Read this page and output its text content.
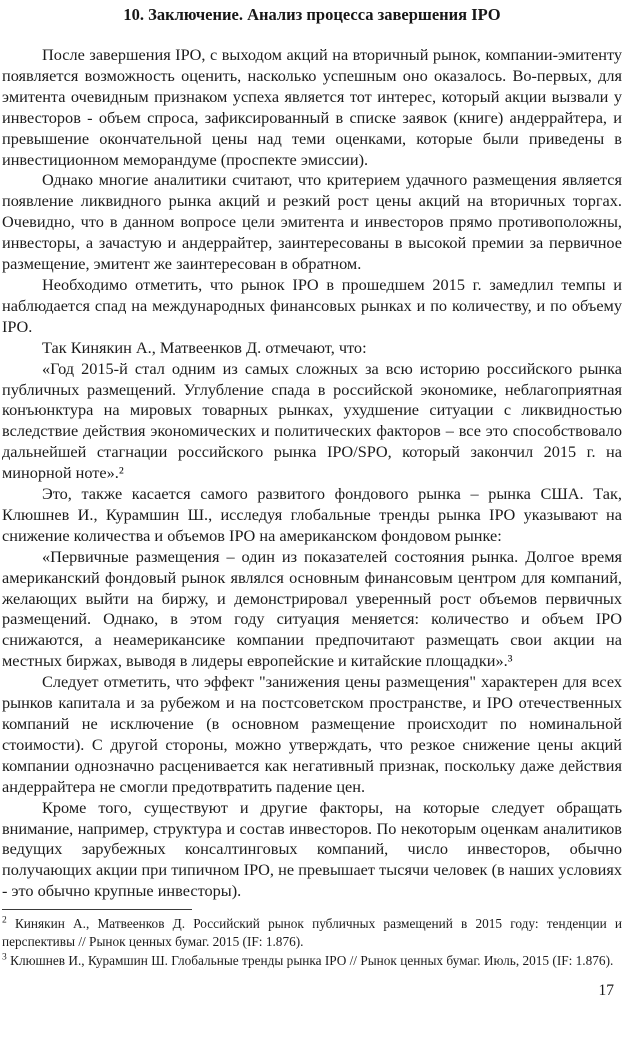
10. Заключение. Анализ процесса завершения IPO

После завершения IPO, с выходом акций на вторичный рынок, компании-эмитенту появляется возможность оценить, насколько успешным оно оказалось. Во-первых, для эмитента очевидным признаком успеха является тот интерес, который акции вызвали у инвесторов - объем спроса, зафиксированный в списке заявок (книге) андеррайтера, и превышение окончательной цены над теми оценками, которые были приведены в инвестиционном меморандуме (проспекте эмиссии).

Однако многие аналитики считают, что критерием удачного размещения является появление ликвидного рынка акций и резкий рост цены акций на вторичных торгах. Очевидно, что в данном вопросе цели эмитента и инвесторов прямо противоположны, инвесторы, а зачастую и андеррайтер, заинтересованы в высокой премии за первичное размещение, эмитент же заинтересован в обратном.

Необходимо отметить, что рынок IPO в прошедшем 2015 г. замедлил темпы и наблюдается спад на международных финансовых рынках и по количеству, и по объему IPO.

Так Кинякин А., Матвеенков Д. отмечают, что:

«Год 2015-й стал одним из самых сложных за всю историю российского рынка публичных размещений. Углубление спада в российской экономике, неблагоприятная конъюнктура на мировых товарных рынках, ухудшение ситуации с ликвидностью вследствие действия экономических и политических факторов – все это способствовало дальнейшей стагнации российского рынка IPO/SPO, который закончил 2015 г. на минорной ноте».²

Это, также касается самого развитого фондового рынка – рынка США. Так, Клюшнев И., Курамшин Ш., исследуя глобальные тренды рынка IPO указывают на снижение количества и объемов IPO на американском фондовом рынке:

«Первичные размещения – один из показателей состояния рынка. Долгое время американский фондовый рынок являлся основным финансовым центром для компаний, желающих выйти на биржу, и демонстрировал уверенный рост объемов первичных размещений. Однако, в этом году ситуация меняется: количество и объем IPO снижаются, а неамерикансике компании предпочитают размещать свои акции на местных биржах, выводя в лидеры европейские и китайские площадки».³

Следует отметить, что эффект "занижения цены размещения" характерен для всех рынков капитала и за рубежом и на постсоветском пространстве, и IPO отечественных компаний не исключение (в основном размещение происходит по номинальной стоимости). С другой стороны, можно утверждать, что резкое снижение цены акций компании однозначно расценивается как негативный признак, поскольку даже действия андеррайтера не смогли предотвратить падение цен.

Кроме того, существуют и другие факторы, на которые следует обращать внимание, например, структура и состав инвесторов. По некоторым оценкам аналитиков ведущих зарубежных консалтинговых компаний, число инвесторов, обычно получающих акции при типичном IPO, не превышает тысячи человек (в наших условиях - это обычно крупные инвесторы).

$^2$ Кинякин А., Матвеенков Д. Российский рынок публичных размещений в 2015 году: тенденции и перспективы // Рынок ценных бумаг. 2015 (IF: 1.876).
$^3$ Клюшнев И., Курамшин Ш. Глобальные тренды рынка IPO // Рынок ценных бумаг. Июль, 2015 (IF: 1.876).
17
